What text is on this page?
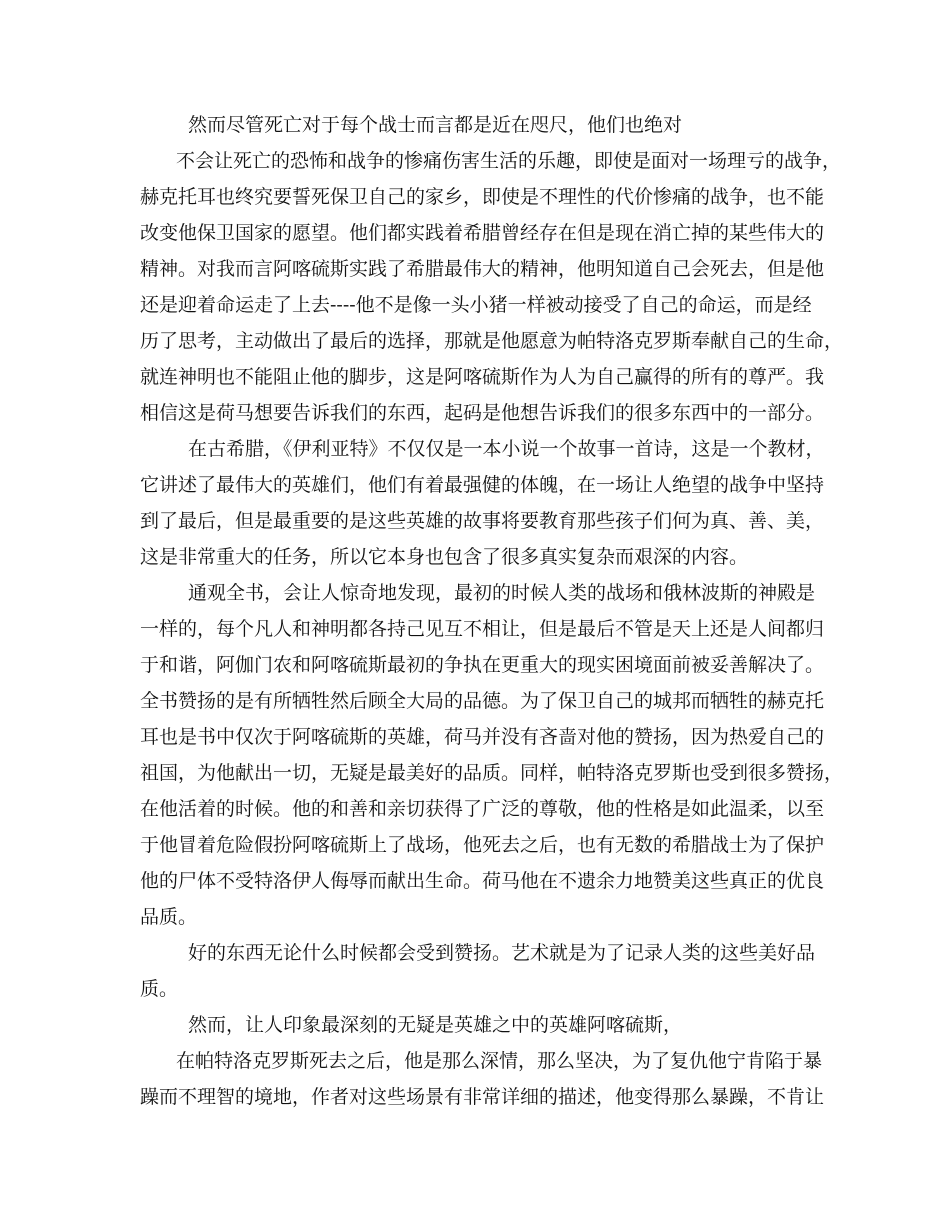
然而尽管死亡对于每个战士而言都是近在咫尺，他们也绝对
不会让死亡的恐怖和战争的惨痛伤害生活的乐趣，即使是面对一场理亏的战争，
赫克托耳也终究要誓死保卫自己的家乡，即使是不理性的代价惨痛的战争，也不能
改变他保卫国家的愿望。他们都实践着希腊曾经存在但是现在消亡掉的某些伟大的
精神。对我而言阿喀硫斯实践了希腊最伟大的精神，他明知道自己会死去，但是他
还是迎着命运走了上去----他不是像一头小猪一样被动接受了自己的命运，而是经
历了思考，主动做出了最后的选择，那就是他愿意为帕特洛克罗斯奉献自己的生命，
就连神明也不能阻止他的脚步，这是阿喀硫斯作为人为自己赢得的所有的尊严。我
相信这是荷马想要告诉我们的东西，起码是他想告诉我们的很多东西中的一部分。
在古希腊，《伊利亚特》不仅仅是一本小说一个故事一首诗，这是一个教材，
它讲述了最伟大的英雄们，他们有着最强健的体魄，在一场让人绝望的战争中坚持
到了最后，但是最重要的是这些英雄的故事将要教育那些孩子们何为真、善、美，
这是非常重大的任务，所以它本身也包含了很多真实复杂而艰深的内容。
通观全书，会让人惊奇地发现，最初的时候人类的战场和俄林波斯的神殿是
一样的，每个凡人和神明都各持己见互不相让，但是最后不管是天上还是人间都归
于和谐，阿伽门农和阿喀硫斯最初的争执在更重大的现实困境面前被妥善解决了。
全书赞扬的是有所牺牲然后顾全大局的品德。为了保卫自己的城邦而牺牲的赫克托
耳也是书中仅次于阿喀硫斯的英雄，荷马并没有吝啬对他的赞扬，因为热爱自己的
祖国，为他献出一切，无疑是最美好的品质。同样，帕特洛克罗斯也受到很多赞扬，
在他活着的时候。他的和善和亲切获得了广泛的尊敬，他的性格是如此温柔，以至
于他冒着危险假扮阿喀硫斯上了战场，他死去之后，也有无数的希腊战士为了保护
他的尸体不受特洛伊人侮辱而献出生命。荷马他在不遗余力地赞美这些真正的优良
品质。
好的东西无论什么时候都会受到赞扬。艺术就是为了记录人类的这些美好品
质。
然而，让人印象最深刻的无疑是英雄之中的英雄阿喀硫斯，
在帕特洛克罗斯死去之后，他是那么深情，那么坚决，为了复仇他宁肯陷于暴
躁而不理智的境地，作者对这些场景有非常详细的描述，他变得那么暴躁，不肯让
